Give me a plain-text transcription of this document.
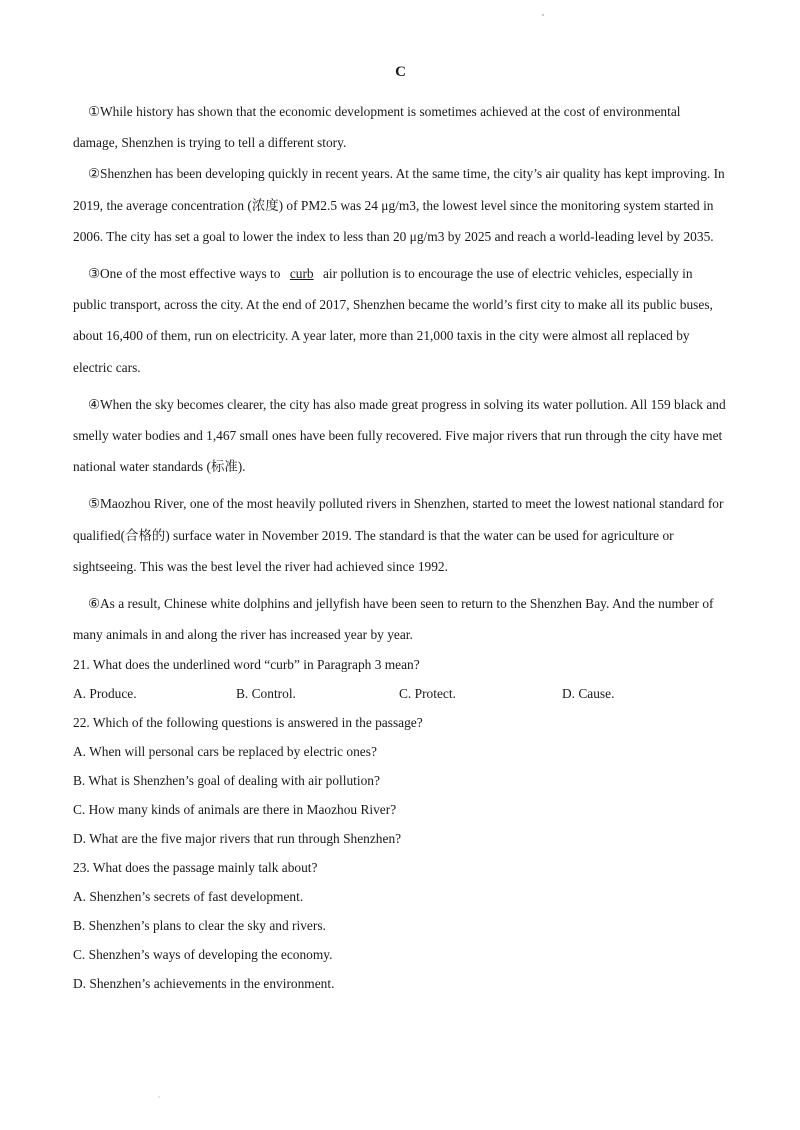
C

①While history has shown that the economic development is sometimes achieved at the cost of environmental damage, Shenzhen is trying to tell a different story.

②Shenzhen has been developing quickly in recent years. At the same time, the city’s air quality has kept improving. In 2019, the average concentration (浓度) of PM2.5 was 24 μg/m3, the lowest level since the monitoring system started in 2006. The city has set a goal to lower the index to less than 20 μg/m3 by 2025 and reach a world-leading level by 2035.

③One of the most effective ways to curb air pollution is to encourage the use of electric vehicles, especially in public transport, across the city. At the end of 2017, Shenzhen became the world’s first city to make all its public buses, about 16,400 of them, run on electricity. A year later, more than 21,000 taxis in the city were almost all replaced by electric cars.

④When the sky becomes clearer, the city has also made great progress in solving its water pollution. All 159 black and smelly water bodies and 1,467 small ones have been fully recovered. Five major rivers that run through the city have met national water standards (标准).

⑤Maozhou River, one of the most heavily polluted rivers in Shenzhen, started to meet the lowest national standard for qualified(合格的) surface water in November 2019. The standard is that the water can be used for agriculture or sightseeing. This was the best level the river had achieved since 1992.

⑥As a result, Chinese white dolphins and jellyfish have been seen to return to the Shenzhen Bay. And the number of many animals in and along the river has increased year by year.

21. What does the underlined word “curb” in Paragraph 3 mean?

A. Produce.	B. Control.	C. Protect.	D. Cause.

22. Which of the following questions is answered in the passage?

A. When will personal cars be replaced by electric ones?

B. What is Shenzhen’s goal of dealing with air pollution?

C. How many kinds of animals are there in Maozhou River?

D. What are the five major rivers that run through Shenzhen?

23. What does the passage mainly talk about?

A. Shenzhen’s secrets of fast development.

B. Shenzhen’s plans to clear the sky and rivers.

C. Shenzhen’s ways of developing the economy.

D. Shenzhen’s achievements in the environment.
